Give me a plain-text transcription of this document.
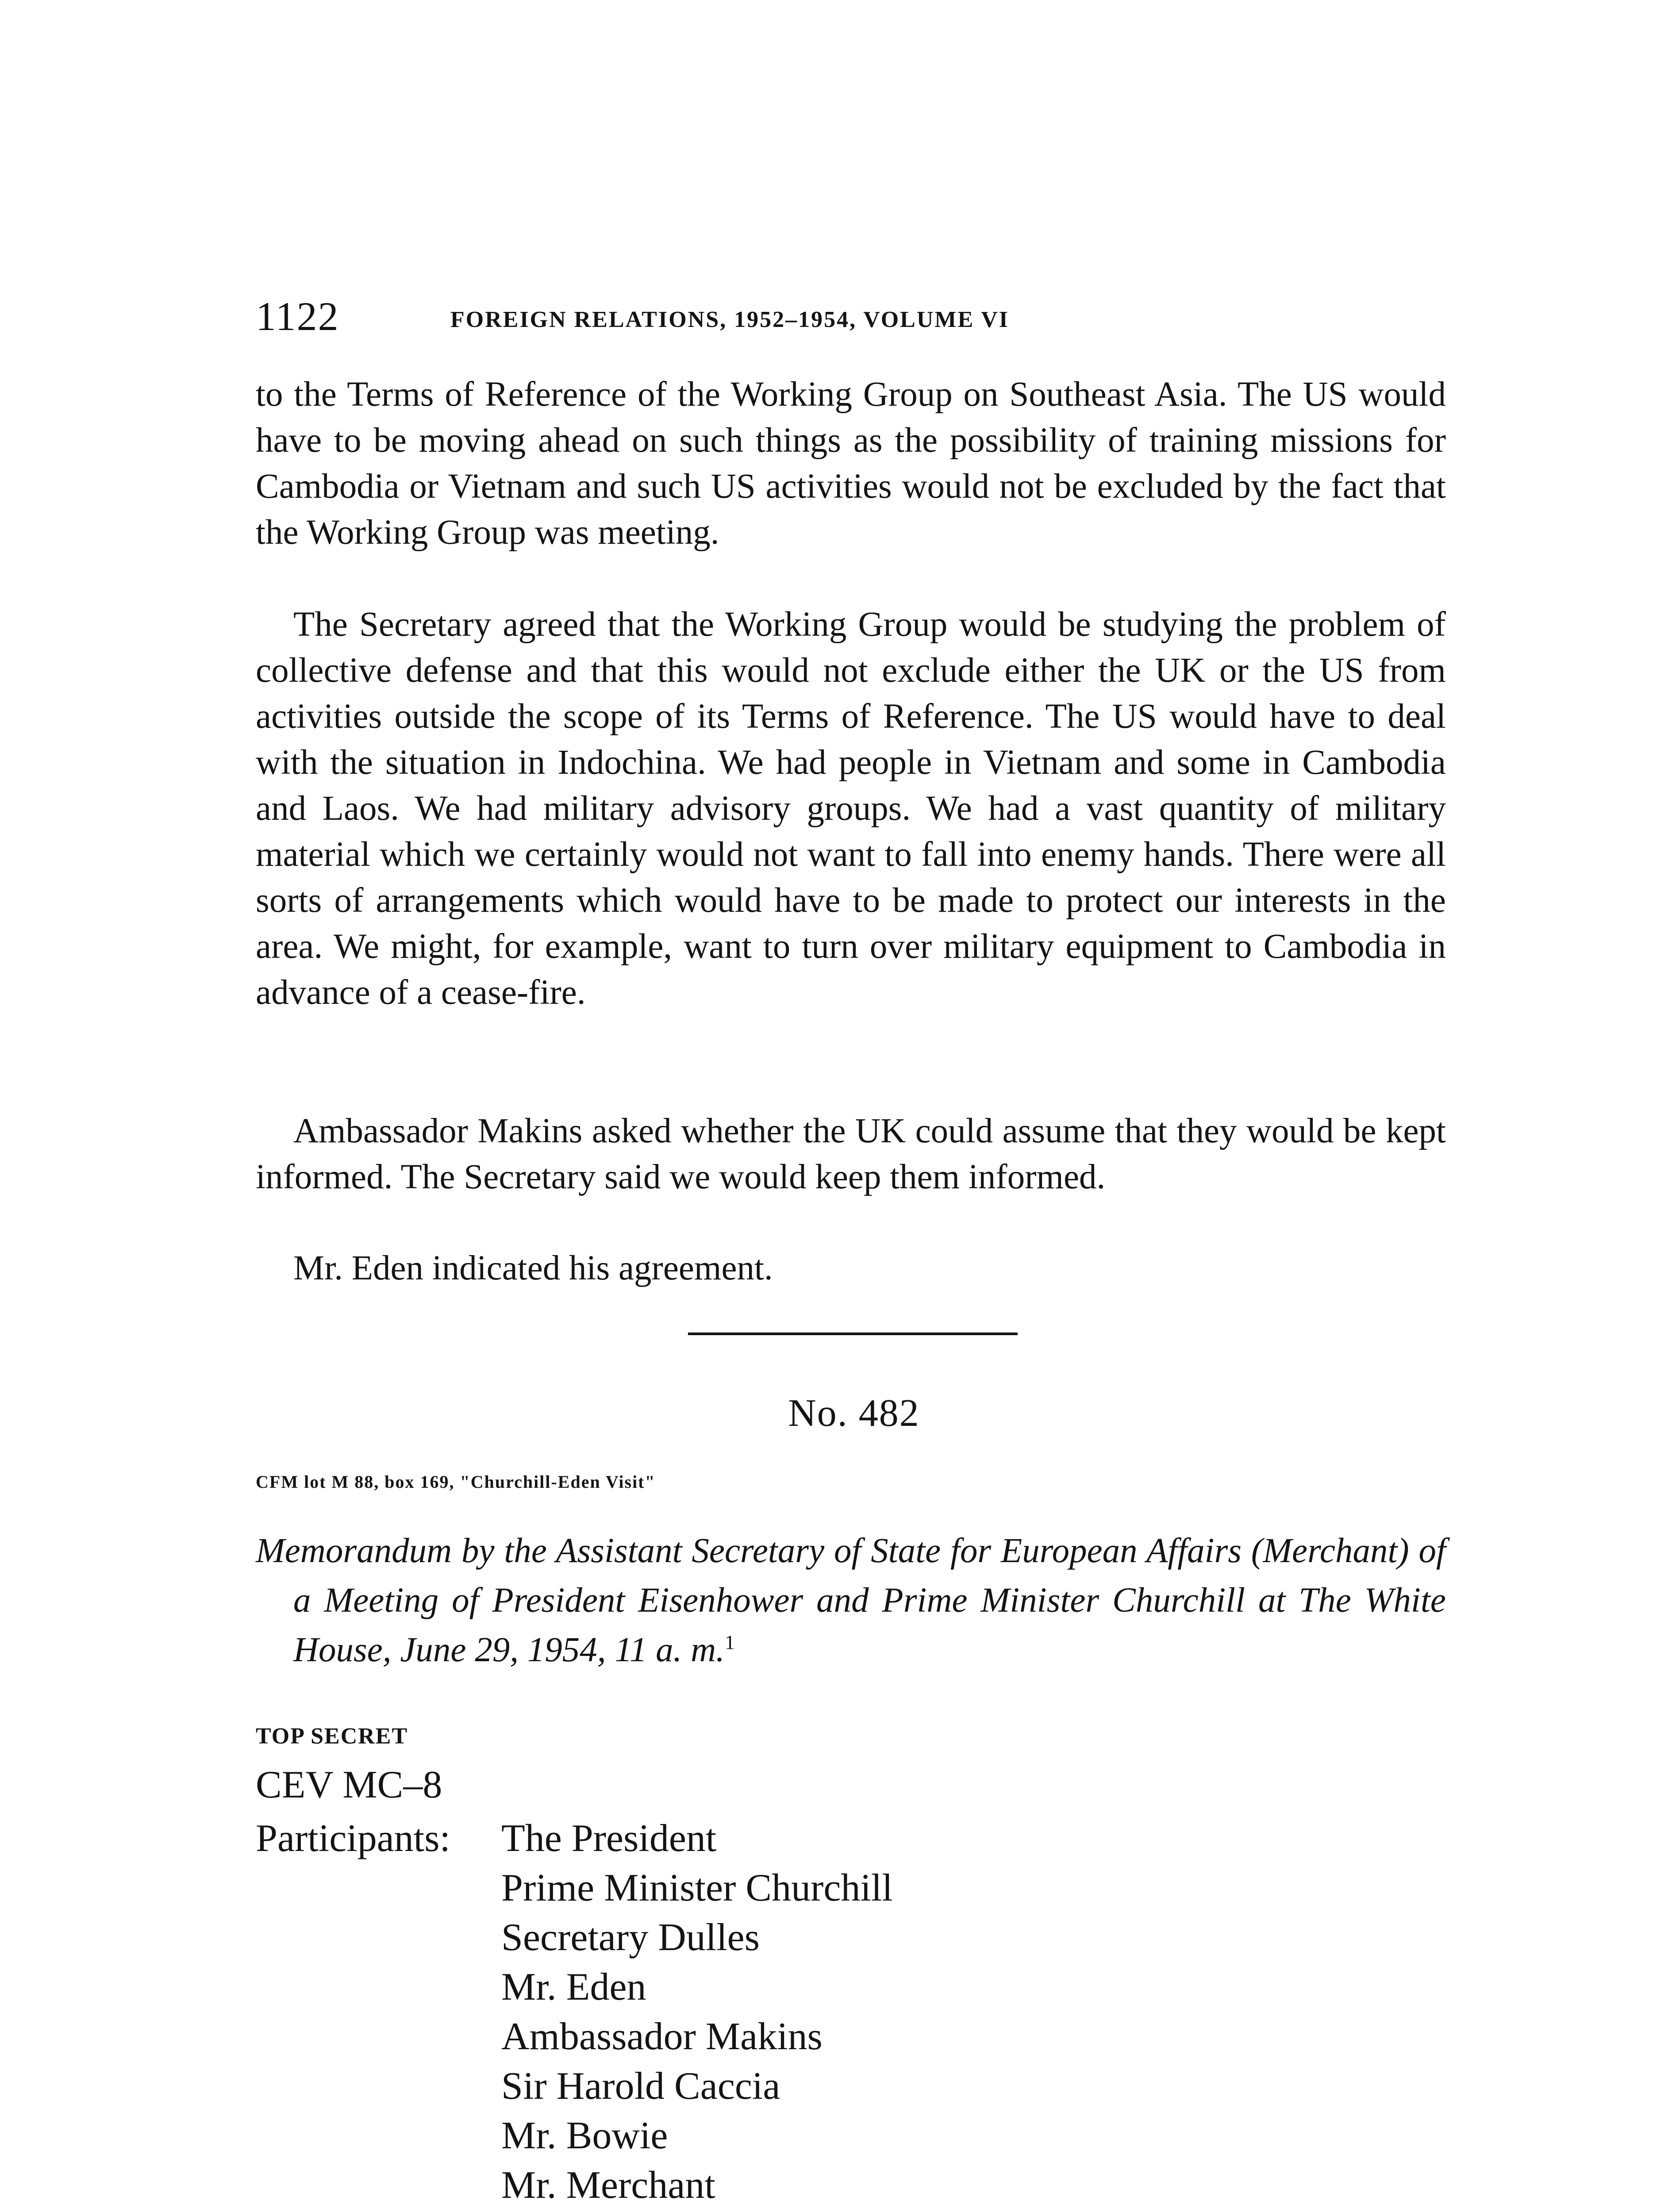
1122	FOREIGN RELATIONS, 1952–1954, VOLUME VI

to the Terms of Reference of the Working Group on Southeast Asia. The US would have to be moving ahead on such things as the possibility of training missions for Cambodia or Vietnam and such US activities would not be excluded by the fact that the Working Group was meeting.

The Secretary agreed that the Working Group would be studying the problem of collective defense and that this would not exclude either the UK or the US from activities outside the scope of its Terms of Reference. The US would have to deal with the situation in Indochina. We had people in Vietnam and some in Cambodia and Laos. We had military advisory groups. We had a vast quantity of military material which we certainly would not want to fall into enemy hands. There were all sorts of arrangements which would have to be made to protect our interests in the area. We might, for example, want to turn over military equipment to Cambodia in advance of a cease-fire.

Ambassador Makins asked whether the UK could assume that they would be kept informed. The Secretary said we would keep them informed.

Mr. Eden indicated his agreement.

No. 482
CFM lot M 88, box 169, "Churchill-Eden Visit"
Memorandum by the Assistant Secretary of State for European Affairs (Merchant) of a Meeting of President Eisenhower and Prime Minister Churchill at The White House, June 29, 1954, 11 a. m.$^1$
TOP SECRET
CEV MC–8
Participants: The President
Prime Minister Churchill
Secretary Dulles
Mr. Eden
Ambassador Makins
Sir Harold Caccia
Mr. Bowie
Mr. Merchant
